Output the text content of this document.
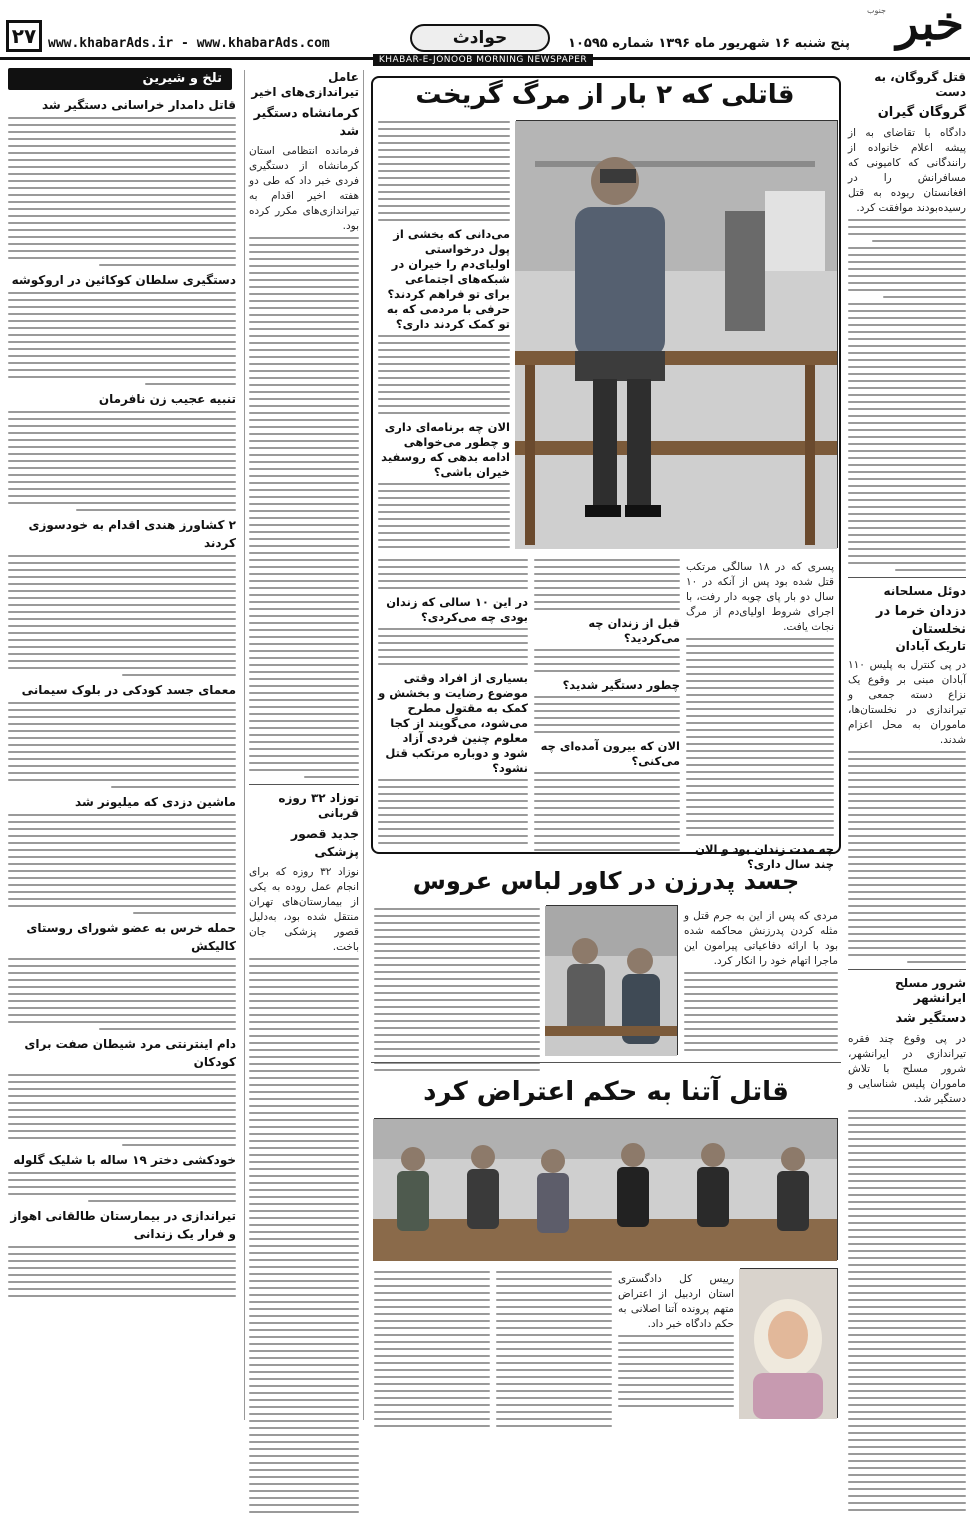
خبر
جنوب
پنج شنبه ۱۶ شهریور ماه ۱۳۹۶ شماره ۱۰۵۹۵
حوادث
KHABAR-E-JONOOB MORNING NEWSPAPER
www.khabarAds.ir - www.khabarAds.com
۲۷
قتل گروگان، به دست
گروگان گیران
دادگاه با تقاضای به از پیشه اعلام خانواده از رانندگانی که کامیونی که مسافرانش را در افغانستان ربوده به قتل رسیده‌بودند موافقت کرد.
دوئل مسلحانه
دزدان خرما در نخلستان
تاریک آبادان
در پی کنترل به پلیس ۱۱۰ آبادان مبنی بر وقوع یک نزاع دسته جمعی و تیراندازی در نخلستان‌ها، ماموران به محل اعزام شدند.
شرور مسلح ایرانشهر
دستگیر شد
در پی وقوع چند فقره تیراندازی در ایرانشهر، شرور مسلح با تلاش ماموران پلیس شناسایی و دستگیر شد.
قاتلی که ۲ بار از مرگ گریخت
می‌دانی که بخشی از پول درخواستی اولیای‌دم را خیران در شبکه‌های اجتماعی برای تو فراهم کردند؟ حرفی با مردمی که به تو کمک کردند داری؟
الان چه برنامه‌ای داری و چطور می‌خواهی ادامه بدهی که روسفید خیران باشی؟
پسری که در ۱۸ سالگی مرتکب قتل شده بود پس از آنکه در ۱۰ سال دو بار پای چوبه دار رفت، با اجرای شروط اولیای‌دم از مرگ نجات یافت.
چه مدت زندان بود و الان چند سال داری؟
قبل از زندان چه می‌کردید؟
چطور دستگیر شدید؟
الان که بیرون آمده‌ای چه می‌کنی؟
در این ۱۰ سالی که زندان بودی چه می‌کردی؟
بسیاری از افراد وقتی موضوع رضایت و بخشش و کمک به مقتول مطرح می‌شود، می‌گویند از کجا معلوم چنین فردی آزاد شود و دوباره مرتکب قتل نشود؟
جسد پدرزن در کاور لباس عروس
مردی که پس از این به جرم قتل و مثله کردن پدرزنش محاکمه شده بود با ارائه دفاعیاتی پیرامون این ماجرا اتهام خود را انکار کرد.
قاتل آتنا به حکم اعتراض کرد
رییس کل دادگستری استان اردبیل از اعتراض متهم پرونده آتنا اصلانی به حکم دادگاه خبر داد.
عامل تیراندازی‌های اخیر
کرمانشاه دستگیر شد
فرمانده انتظامی استان کرمانشاه از دستگیری فردی خبر داد که طی دو هفته اخیر اقدام به تیراندازی‌های مکرر کرده بود.
توزاد ۳۲ روزه قربانی
جدید قصور پزشکی
نوزاد ۳۲ روزه که برای انجام عمل روده به یکی از بیمارستان‌های تهران منتقل شده بود، به‌دلیل قصور پزشکی جان باخت.
تلخ و شیرین
قاتل دامدار خراسانی دستگیر شد
دستگیری سلطان کوکائین در اروکوشه
تنبیه عجیب زن نافرمان
۲ کشاورز هندی اقدام به خودسوزی کردند
معمای جسد کودکی در بلوک سیمانی
ماشین دزدی که میلیونر شد
حمله خرس به عضو شورای روستای کالیکش
دام اینترنتی مرد شیطان صفت برای کودکان
خودکشی دختر ۱۹ ساله با شلیک گلوله
تیراندازی در بیمارستان طالقانی اهواز و فرار یک زندانی
